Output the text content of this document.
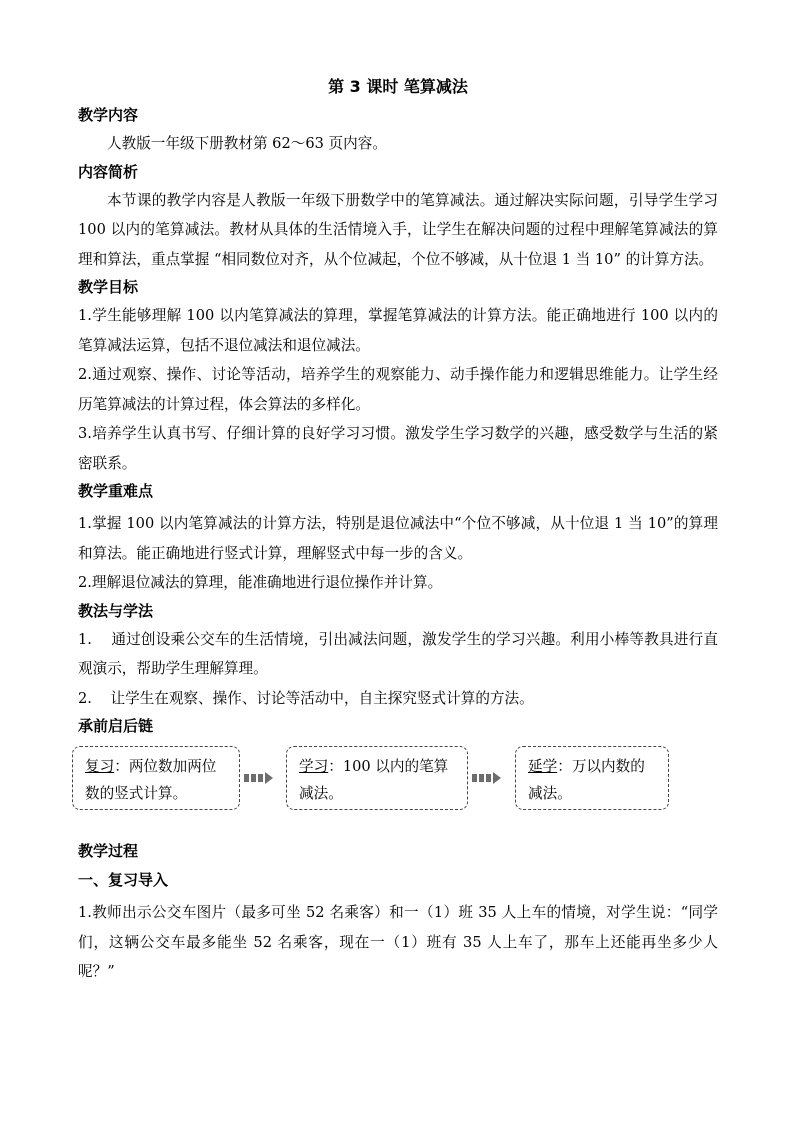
第 3 课时 笔算减法
教学内容

人教版一年级下册教材第 62～63 页内容。

内容简析

本节课的教学内容是人教版一年级下册数学中的笔算减法。通过解决实际问题，引导学生学习 100 以内的笔算减法。教材从具体的生活情境入手，让学生在解决问题的过程中理解笔算减法的算理和算法，重点掌握 “相同数位对齐，从个位减起，个位不够减，从十位退 1 当 10” 的计算方法。

教学目标

1.学生能够理解 100 以内笔算减法的算理，掌握笔算减法的计算方法。能正确地进行 100 以内的笔算减法运算，包括不退位减法和退位减法。

2.通过观察、操作、讨论等活动，培养学生的观察能力、动手操作能力和逻辑思维能力。让学生经历笔算减法的计算过程，体会算法的多样化。

3.培养学生认真书写、仔细计算的良好学习习惯。激发学生学习数学的兴趣，感受数学与生活的紧密联系。

教学重难点

1.掌握 100 以内笔算减法的计算方法，特别是退位减法中“个位不够减，从十位退 1 当 10”的算理和算法。能正确地进行竖式计算，理解竖式中每一步的含义。

2.理解退位减法的算理，能准确地进行退位操作并计算。

教法与学法

1.    通过创设乘公交车的生活情境，引出减法问题，激发学生的学习兴趣。利用小棒等教具进行直观演示，帮助学生理解算理。

2.    让学生在观察、操作、讨论等活动中，自主探究竖式计算的方法。

承前启后链
复习：两位数加两位数的竖式计算。
学习：100 以内的笔算减法。
延学：万以内数的减法。
教学过程
一、复习导入

1.教师出示公交车图片（最多可坐 52 名乘客）和一（1）班 35 人上车的情境，对学生说：“同学们，这辆公交车最多能坐 52 名乘客，现在一（1）班有 35 人上车了，那车上还能再坐多少人呢？”
